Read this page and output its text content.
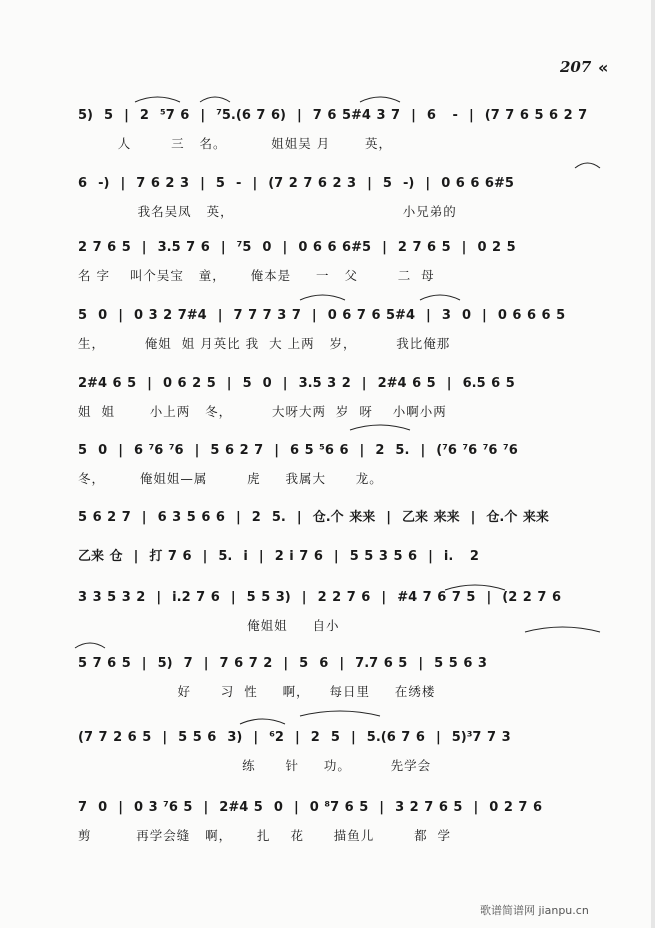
207 «
5)  5  |  2  ⁵7 6  |  ⁷5.(6 7 6)  |  7 6 5#4 3 7  |  6   -  |  (7 7 6 5 6 2 7
人        三   名。         姐姐吴 月       英，
6  -)  |  7 6 2 3  |  5  -  |  (7 2 7 6 2 3  |  5  -)  |  0 6 6 6#5
我名吴凤   英，                                  小兄弟的
2 7 6 5  |  3.5 7 6  |  ⁷5  0  |  0 6 6 6#5  |  2 7 6 5  |  0 2 5
名 字    叫个吴宝   童，     俺本是     一   父        二  母
5  0  |  0 3 2 7#4  |  7 7 7 3 7  |  0 6 7 6 5#4  |  3  0  |  0 6 6 6 5
生，        俺姐  姐 月英比 我  大 上两   岁，        我比俺那
2#4 6 5  |  0 6 2 5  |  5  0  |  3.5 3 2  |  2#4 6 5  |  6.5 6 5
姐  姐       小上两   冬，        大呀大两  岁  呀    小啊小两
5  0  |  6 ⁷6 ⁷6  |  5 6 2 7  |  6 5 ⁵6 6  |  2  5.  |  (⁷6 ⁷6 ⁷6 ⁷6
冬，       俺姐姐—属        虎     我属大      龙。
5 6 2 7  |  6 3 5 6 6  |  2  5.  |  仓.个 来来  |  乙来 来来  |  仓.个 来来
乙来 仓  |  打 7 6  |  5.  i  |  2 i 7 6  |  5 5 3 5 6  |  i.   2
3 3 5 3 2  |  i.2 7 6  |  5 5 3)  |  2 2 7 6  |  #4 7 6 7 5  |  (2 2 7 6
俺姐姐     自小
5 7 6 5  |  5)  7  |  7 6 7 2  |  5  6  |  7.7 6 5  |  5 5 6 3
好      习  性     啊，    每日里     在绣楼
(7 7 2 6 5  |  5 5 6  3)  |  ⁶2  |  2  5  |  5.(6 7 6  |  5)³7 7 3
练      针     功。        先学会
7  0  |  0 3 ⁷6 5  |  2#4 5  0  |  0 ⁸7 6 5  |  3 2 7 6 5  |  0 2 7 6
剪         再学会缝   啊，     扎    花      描鱼儿        都  学
歌谱简谱网 jianpu.cn
